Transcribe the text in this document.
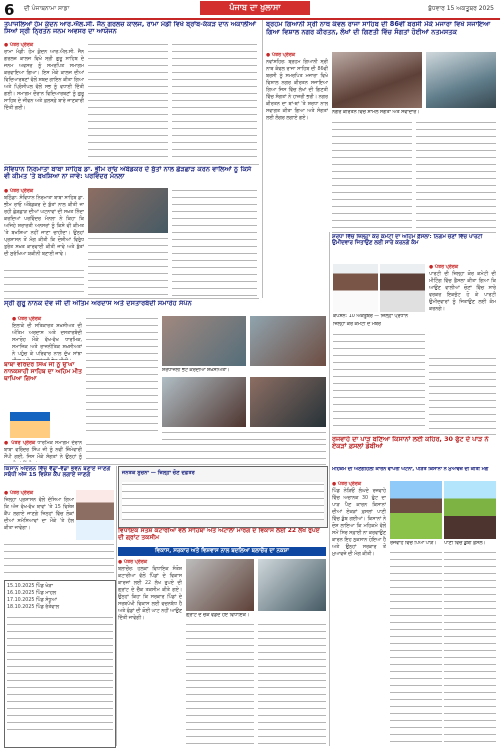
6 ਦੀ ਪੰਜਾਬਨਾਮਾ ਸਾਡਾ	ਪੰਜਾਬ ਦਾ ਖੁਲਾਸਾ	ਬੁੱਧਵਾਰ 15 ਅਕਤੂਬਰ 2025
ਤਪਾਜਲਿਆਂ ਹੇਮ ਕੁੰਦਨ ਆਰ.ਐਲ.ਸੀ. ਜੈਨ ਗਰਲਜ਼ ਕਾਲਜ, ਰਾਮਾ ਮੰਡੀ ਵਿਖੇ ਬ੍ਰਾਂਬ-ਕੱਕੜ ਦਾਨ ਅਕਾਲੀਆਂ ਸਿਆਂ ਸ੍ਰੀ ਨ੍ਰਿਤਨ ਜਨਮ ਅਵਸਰ ਦਾ ਆਯੋਜਨ
● ਪੱਤਰ ਪ੍ਰੇਰਕ
ਰਾਮਾ ਮੰਡੀ: ਹੇਮ ਕੁੰਦਨ ਆਰ.ਐਲ.ਸੀ. ਜੈਨ ਗਰਲਜ਼ ਕਾਲਜ ਵਿਖੇ ਸ੍ਰੀ ਗੁਰੂ ਸਾਹਿਬ ਦੇ ਜਨਮ ਅਵਸਰ ਨੂੰ ਸਮਰਪਿਤ ਸਮਾਗਮ ਕਰਵਾਇਆ ਗਿਆ। ਇਸ ਮੌਕੇ ਕਾਲਜ ਦੀਆਂ ਵਿਦਿਆਰਥਣਾਂ ਵੱਲੋਂ ਸ਼ਬਦ ਗਾਇਨ ਕੀਤਾ ਗਿਆ ਅਤੇ ਪ੍ਰਿੰਸੀਪਲ ਵੱਲੋਂ ਸਭ ਨੂੰ ਵਧਾਈ ਦਿੱਤੀ ਗਈ। ਸਮਾਗਮ ਦੌਰਾਨ ਵਿਦਿਆਰਥਣਾਂ ਨੂੰ ਗੁਰੂ ਸਾਹਿਬ ਦੇ ਜੀਵਨ ਅਤੇ ਫ਼ਲਸਫ਼ੇ ਬਾਰੇ ਜਾਣਕਾਰੀ ਦਿੱਤੀ ਗਈ।
ਸੰਵਿਧਾਨ ਨਿਰਮਾਤਾ ਬਾਬਾ ਸਾਹਿਬ ਡਾ. ਭੀਮ ਰਾਓ ਅੰਬੇਡਕਰ ਦੇ ਬੁੱਤਾਂ ਨਾਲ ਛੇੜਛਾੜ ਕਰਨ ਵਾਲਿਆਂ ਨੂੰ ਕਿਸੇ ਵੀ ਕੀਮਤ 'ਤੇ ਬਖਸ਼ਿਆ ਨਾ ਜਾਵੇ: ਪਰਵਿੰਦਰ ਮੰਨਲਾ
● ਪੱਤਰ ਪ੍ਰੇਰਕ
ਬਠਿੰਡਾ: ਸੰਵਿਧਾਨ ਨਿਰਮਾਤਾ ਬਾਬਾ ਸਾਹਿਬ ਡਾ. ਭੀਮ ਰਾਓ ਅੰਬੇਡਕਰ ਦੇ ਬੁੱਤਾਂ ਨਾਲ ਕੀਤੀ ਜਾ ਰਹੀ ਛੇੜਛਾੜ ਦੀਆਂ ਘਟਨਾਵਾਂ ਦੀ ਸਖ਼ਤ ਨਿੰਦਾ ਕਰਦਿਆਂ ਪਰਵਿੰਦਰ ਮੰਨਲਾ ਨੇ ਕਿਹਾ ਕਿ ਅਜਿਹੇ ਸ਼ਰਾਰਤੀ ਅਨਸਰਾਂ ਨੂੰ ਕਿਸੇ ਵੀ ਕੀਮਤ 'ਤੇ ਬਖਸ਼ਿਆ ਨਹੀਂ ਜਾਣਾ ਚਾਹੀਦਾ। ਉਨ੍ਹਾਂ ਪ੍ਰਸ਼ਾਸਨ ਤੋਂ ਮੰਗ ਕੀਤੀ ਕਿ ਦੋਸ਼ੀਆਂ ਵਿਰੁੱਧ ਤੁਰੰਤ ਸਖ਼ਤ ਕਾਰਵਾਈ ਕੀਤੀ ਜਾਵੇ ਅਤੇ ਬੁੱਤਾਂ ਦੀ ਸੁਰੱਖਿਆ ਯਕੀਨੀ ਬਣਾਈ ਜਾਵੇ।
ਬ੍ਰਹਮ ਗਿਆਨੀ ਸ੍ਰੀ ਨਾਥ ਕੰਵਲ ਰਾਜਾ ਸਾਹਿਬ ਦੀ 86ਵੀਂ ਬਰਸੀ ਮੌਕੇ ਮਜਾਰਾ ਵਿਖੇ ਸਜਾਇਆ ਗਿਆ ਵਿਸ਼ਾਲ ਨਗਰ ਕੀਰਤਨ, ਲੱਖਾਂ ਦੀ ਗਿਣਤੀ ਵਿੱਚ ਸੰਗਤਾਂ ਹੋਈਆਂ ਨਤਮਸਤਕ
● ਪੱਤਰ ਪ੍ਰੇਰਕ
ਨਵਾਂਸ਼ਹਿਰ: ਬ੍ਰਹਮ ਗਿਆਨੀ ਸ੍ਰੀ ਨਾਥ ਕੰਵਲ ਰਾਜਾ ਸਾਹਿਬ ਦੀ 86ਵੀਂ ਬਰਸੀ ਨੂੰ ਸਮਰਪਿਤ ਮਜਾਰਾ ਵਿਖੇ ਵਿਸ਼ਾਲ ਨਗਰ ਕੀਰਤਨ ਸਜਾਇਆ ਗਿਆ ਜਿਸ ਵਿੱਚ ਲੱਖਾਂ ਦੀ ਗਿਣਤੀ ਵਿੱਚ ਸੰਗਤਾਂ ਨੇ ਹਾਜ਼ਰੀ ਭਰੀ। ਨਗਰ ਕੀਰਤਨ ਦਾ ਥਾਂ-ਥਾਂ 'ਤੇ ਸ਼ਰਧਾ ਨਾਲ ਸਵਾਗਤ ਕੀਤਾ ਗਿਆ ਅਤੇ ਸੰਗਤਾਂ ਲਈ ਲੰਗਰ ਲਗਾਏ ਗਏ।
ਨਗਰ ਕੀਰਤਨ ਵਿੱਚ ਸ਼ਾਮਲ ਸੰਗਤਾਂ ਅਤੇ ਸੇਵਾਦਾਰ।
ਸ਼ਰਧਾ ਵਿੱਚ ਜ਼ਿਲ੍ਹਾ ਕੋਰ ਕਮੇਟੀ ਦਾ ਅਹਿਮ ਫ਼ੈਸਲਾ: ਨਿਗਮ ਚੋਣਾਂ ਵਿੱਚ ਪਾਰਟੀ ਉਮੀਦਵਾਰ ਜਿਤਾਉਣ ਲਈ ਸਾਰੇ ਕਰਨਗੇ ਕੰਮ
ਕੈਪਸ਼ਨ: 10 ਅਕਤੂਬਰ — ਜ਼ਿਲ੍ਹਾ ਪ੍ਰਧਾਨ
● ਪੱਤਰ ਪ੍ਰੇਰਕ
ਪਾਰਟੀ ਦੀ ਜ਼ਿਲ੍ਹਾ ਕੋਰ ਕਮੇਟੀ ਦੀ ਮੀਟਿੰਗ ਵਿੱਚ ਫ਼ੈਸਲਾ ਕੀਤਾ ਗਿਆ ਕਿ ਆਉਣ ਵਾਲੀਆਂ ਚੋਣਾਂ ਵਿੱਚ ਸਾਰੇ ਵਰਕਰ ਇਕਜੁੱਟ ਹੋ ਕੇ ਪਾਰਟੀ ਉਮੀਦਵਾਰਾਂ ਨੂੰ ਜਿਤਾਉਣ ਲਈ ਕੰਮ ਕਰਨਗੇ।
ਜ਼ਿਲ੍ਹਾ ਕੋਰ ਕਮੇਟੀ ਦੇ ਮੈਂਬਰ
ਸ੍ਰੀ ਗੁਰੂ ਨਾਨਕ ਦੇਵ ਜੀ ਦੀ ਅੰਤਿਮ ਅਰਦਾਸ ਅਤੇ ਦਸਤਾਰਬੰਦੀ ਸਮਾਰੋਹ ਸੰਪੰਨ
● ਪੱਤਰ ਪ੍ਰੇਰਕ
ਇਲਾਕੇ ਦੀ ਸਤਿਕਾਰਤ ਸ਼ਖ਼ਸੀਅਤ ਦੀ ਅੰਤਿਮ ਅਰਦਾਸ ਅਤੇ ਦਸਤਾਰਬੰਦੀ ਸਮਾਰੋਹ ਮੌਕੇ ਵੱਖ-ਵੱਖ ਧਾਰਮਿਕ, ਸਮਾਜਿਕ ਅਤੇ ਰਾਜਨੀਤਿਕ ਸ਼ਖ਼ਸੀਅਤਾਂ ਨੇ ਪਹੁੰਚ ਕੇ ਪਰਿਵਾਰ ਨਾਲ ਦੁੱਖ ਸਾਂਝਾ
ਸ਼ਰਧਾਂਜਲੀ ਭੇਟ ਕਰਦੀਆਂ ਸ਼ਖ਼ਸੀਅਤਾਂ।
ਬਾਬਾ ਵਰਿੰਦਰ ਸਿੰਘ ਜੀ ਨੂੰ ਉੱਘਾ ਨਾਨਕਸ਼ਾਹੀ ਸਾਹਿਬ ਦਾ ਅਹਿਮ ਮੀਤ ਥਾਪਿਆ ਗਿਆ
● ਪੱਤਰ ਪ੍ਰੇਰਕ ਧਾਰਮਿਕ ਸਮਾਗਮ ਦੌਰਾਨ ਬਾਬਾ ਵਰਿੰਦਰ ਸਿੰਘ ਜੀ ਨੂੰ ਨਵੀਂ ਜ਼ਿੰਮੇਵਾਰੀ ਸੌਂਪੀ ਗਈ, ਜਿਸ ਮੌਕੇ ਸੰਗਤਾਂ ਨੇ ਉਨ੍ਹਾਂ ਨੂੰ
ਕਿਸਾਨ ਅੰਦੋਲਨ ਵਿੱਚ ਵੱਡਾ-ਵੱਡਾ ਭਵਨ ਬਣਾਏ ਜਾਣਗੇ ਸਬੰਧੀ ਅੱਜ 15 ਵਿਸ਼ੇਸ਼ ਕੈਂਪ ਲਗਾਏ ਜਾਣਗੇ
● ਪੱਤਰ ਪ੍ਰੇਰਕ
ਜ਼ਿਲ੍ਹਾ ਪ੍ਰਸ਼ਾਸਨ ਵੱਲੋਂ ਦੱਸਿਆ ਗਿਆ ਕਿ ਅੱਜ ਵੱਖ-ਵੱਖ ਥਾਵਾਂ 'ਤੇ 15 ਵਿਸ਼ੇਸ਼ ਕੈਂਪ ਲਗਾਏ ਜਾਣਗੇ ਜਿਨ੍ਹਾਂ ਵਿੱਚ ਲੋਕਾਂ ਦੀਆਂ ਸਮੱਸਿਆਵਾਂ ਦਾ ਮੌਕੇ 'ਤੇ ਹੱਲ ਕੀਤਾ ਜਾਵੇਗਾ।
15.10.2025 ਪਿੰਡ ਖੇੜਾ
16.10.2025 ਪਿੰਡ ਮਾਹਲ
17.10.2025 ਪਿੰਡ ਸੰਧੂਆਂ
18.10.2025 ਪਿੰਡ ਰੱਤੇਵਾਲ
ਜਨਤਕ ਸੂਚਨਾ — ਜ਼ਿਲ੍ਹਾ ਚੋਣ ਦਫ਼ਤਰ
ਵਿਧਾਇਕ ਸੰਤੋਸ਼ ਕਟਾਰੀਆ ਵੱਲੋਂ ਸਾਹਿਬਾ ਅਤੇ ਅਟਾਲਾ ਮਾਰਗ ਦੇ ਵਿਕਾਸ ਲਈ 22 ਲੱਖ ਰੁਪਏ ਦੀ ਗ੍ਰਾਂਟ ਤਕਸੀਮ
ਵਿਕਾਸ, ਸਰਕਾਰ ਅਤੇ ਵਿਸ਼ਵਾਸ ਨਾਲ ਬਦਲਿਆ ਬਲਾਚੌਰ ਦਾ ਨਕਸ਼ਾ
● ਪੱਤਰ ਪ੍ਰੇਰਕ
ਬਲਾਚੌਰ: ਹਲਕਾ ਵਿਧਾਇਕ ਸੰਤੋਸ਼ ਕਟਾਰੀਆ ਵੱਲੋਂ ਪਿੰਡਾਂ ਦੇ ਵਿਕਾਸ ਕਾਰਜਾਂ ਲਈ 22 ਲੱਖ ਰੁਪਏ ਦੀ ਗ੍ਰਾਂਟ ਦੇ ਚੈੱਕ ਤਕਸੀਮ ਕੀਤੇ ਗਏ। ਉਨ੍ਹਾਂ ਕਿਹਾ ਕਿ ਸਰਕਾਰ ਪਿੰਡਾਂ ਦੇ ਸਰਬਪੱਖੀ ਵਿਕਾਸ ਲਈ ਵਚਨਬੱਧ ਹੈ ਅਤੇ ਫੰਡਾਂ ਦੀ ਕੋਈ ਘਾਟ ਨਹੀਂ ਆਉਣ ਦਿੱਤੀ ਜਾਵੇਗੀ।
ਗ੍ਰਾਂਟ ਦੇ ਚੈੱਕ ਵੰਡਦੇ ਹੋਏ ਵਿਧਾਇਕ।
ਰਜਵਾਹੇ ਦਾ ਪਾੜ ਬਣਿਆ ਕਿਸਾਨਾਂ ਲਈ ਕਹਿਰ, 30 ਫੁੱਟ ਦੇ ਪਾੜ ਨੇ ਏਕੜਾਂ ਫ਼ਸਲਾਂ ਡੋਬੀਆਂ
ਮਹਿਕਮੇ ਦੀ ਅਣਗਹਿਲੀ ਕਾਰਨ ਵਾਪਰੀ ਘਟਨਾ, ਪੀੜਤ ਕਿਸਾਨਾਂ ਨੇ ਮੁਆਵਜ਼ੇ ਦੀ ਕੀਤੀ ਮੰਗ
● ਪੱਤਰ ਪ੍ਰੇਰਕ
ਪਿੰਡ ਨੇੜਿਓਂ ਲੰਘਦੇ ਰਜਵਾਹੇ ਵਿੱਚ ਅਚਾਨਕ 30 ਫੁੱਟ ਦਾ ਪਾੜ ਪੈਣ ਕਾਰਨ ਕਿਸਾਨਾਂ ਦੀਆਂ ਏਕੜਾਂ ਫ਼ਸਲਾਂ ਪਾਣੀ ਵਿੱਚ ਡੁੱਬ ਗਈਆਂ। ਕਿਸਾਨਾਂ ਨੇ ਦੋਸ਼ ਲਾਇਆ ਕਿ ਮਹਿਕਮੇ ਵੱਲੋਂ ਸਮੇਂ ਸਿਰ ਸਫ਼ਾਈ ਨਾ ਕਰਵਾਉਣ ਕਾਰਨ ਇਹ ਨੁਕਸਾਨ ਹੋਇਆ ਹੈ ਅਤੇ ਉਨ੍ਹਾਂ ਸਰਕਾਰ ਤੋਂ ਮੁਆਵਜ਼ੇ ਦੀ ਮੰਗ ਕੀਤੀ।
ਰਜਵਾਹੇ ਵਿੱਚ ਪਿਆ ਪਾੜ।	ਪਾਣੀ ਵਿੱਚ ਡੁੱਬੀ ਫ਼ਸਲ।
